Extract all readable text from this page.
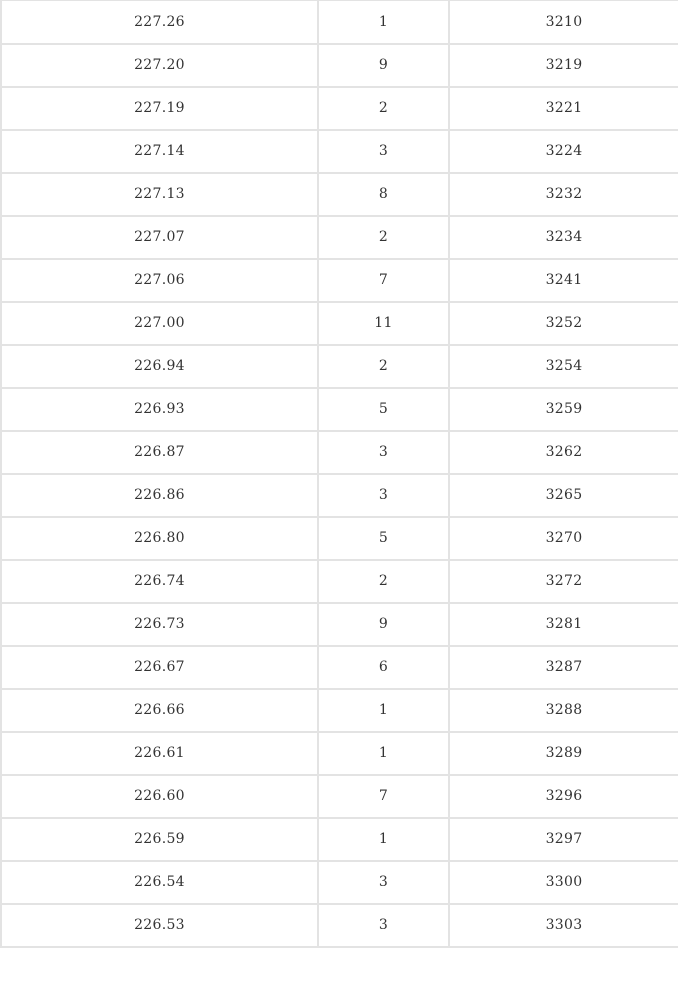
227.26	1	3210
227.20	9	3219
227.19	2	3221
227.14	3	3224
227.13	8	3232
227.07	2	3234
227.06	7	3241
227.00	11	3252
226.94	2	3254
226.93	5	3259
226.87	3	3262
226.86	3	3265
226.80	5	3270
226.74	2	3272
226.73	9	3281
226.67	6	3287
226.66	1	3288
226.61	1	3289
226.60	7	3296
226.59	1	3297
226.54	3	3300
226.53	3	3303
